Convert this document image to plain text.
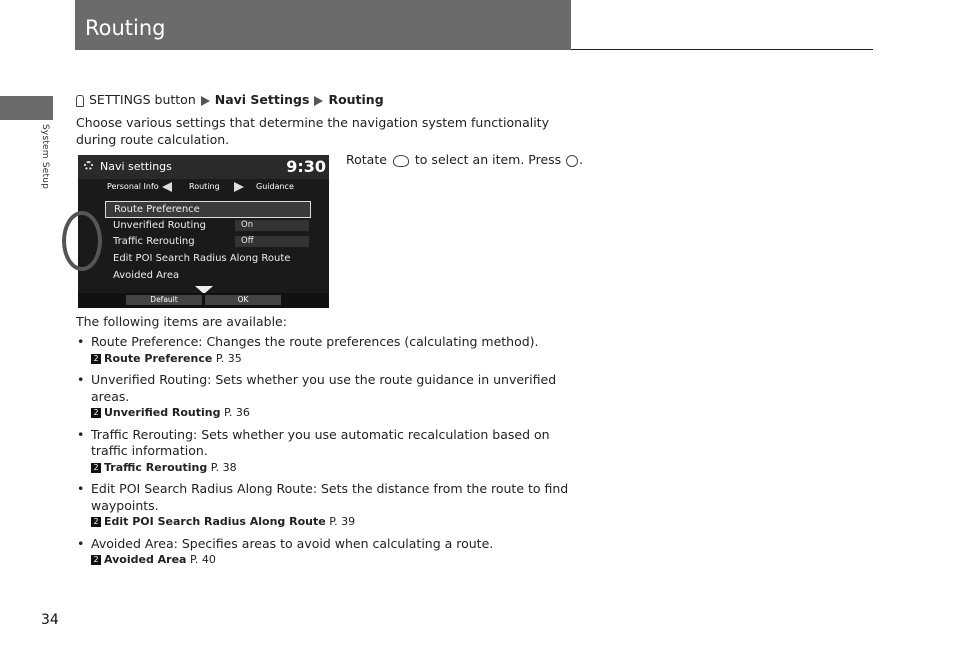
Routing
System Setup
SETTINGS button Navi Settings Routing
Choose various settings that determine the navigation system functionality during route calculation.
Navi settings	9:30
Personal Info	Routing	Guidance
Route Preference
Unverified Routing	On
Traffic Rerouting	Off
Edit POI Search Radius Along Route
Avoided Area
Default	OK
Rotate to select an item. Press .
The following items are available:
• Route Preference: Changes the route preferences (calculating method).
2 Route Preference P. 35
• Unverified Routing: Sets whether you use the route guidance in unverified areas.
2 Unverified Routing P. 36
• Traffic Rerouting: Sets whether you use automatic recalculation based on traffic information.
2 Traffic Rerouting P. 38
• Edit POI Search Radius Along Route: Sets the distance from the route to find waypoints.
2 Edit POI Search Radius Along Route P. 39
• Avoided Area: Specifies areas to avoid when calculating a route.
2 Avoided Area P. 40
34
